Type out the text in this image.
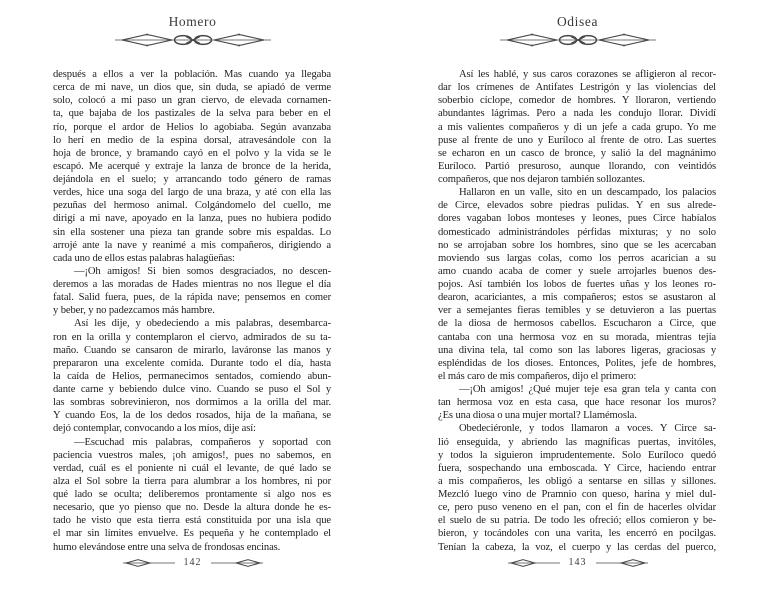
Homero
después a ellos a ver la población. Mas cuando ya llegaba
cerca de mi nave, un dios que, sin duda, se apiadó de verme
solo, colocó a mi paso un gran ciervo, de elevada cornamen-
ta, que bajaba de los pastizales de la selva para beber en el
río, porque el ardor de Helios lo agobiaba. Según avanzaba
lo herí en medio de la espina dorsal, atravesándole con la
hoja de bronce, y bramando cayó en el polvo y la vida se le
escapó. Me acerqué y extraje la lanza de bronce de la herida,
dejándola en el suelo; y arrancando todo género de ramas
verdes, hice una soga del largo de una braza, y até con ella las
pezuñas del hermoso animal. Colgándomelo del cuello, me
dirigí a mi nave, apoyado en la lanza, pues no hubiera podido
sin ella sostener una pieza tan grande sobre mis espaldas. Lo
arrojé ante la nave y reanimé a mis compañeros, dirigiendo a
cada uno de ellos estas palabras halagüeñas:
—¡Oh amigos! Si bien somos desgraciados, no descen-
deremos a las moradas de Hades mientras no nos llegue el día
fatal. Salid fuera, pues, de la rápida nave; pensemos en comer
y beber, y no padezcamos más hambre.
Así les dije, y obedeciendo a mis palabras, desembarca-
ron en la orilla y contemplaron el ciervo, admirados de su ta-
maño. Cuando se cansaron de mirarlo, laváronse las manos y
prepararon una excelente comida. Durante todo el día, hasta
la caída de Helios, permanecimos sentados, comiendo abun-
dante carne y bebiendo dulce vino. Cuando se puso el Sol y
las sombras sobrevinieron, nos dormimos a la orilla del mar.
Y cuando Eos, la de los dedos rosados, hija de la mañana, se
dejó contemplar, convocando a los míos, dije así:
—Escuchad mis palabras, compañeros y soportad con
paciencia vuestros males, ¡oh amigos!, pues no sabemos, en
verdad, cuál es el poniente ni cuál el levante, de qué lado se
alza el Sol sobre la tierra para alumbrar a los hombres, ni por
qué lado se oculta; deliberemos prontamente si algo nos es
necesario, que yo pienso que no. Desde la altura donde he es-
tado he visto que esta tierra está constituida por una isla que
el mar sin límites envuelve. Es pequeña y he contemplado el
humo elevándose entre una selva de frondosas encinas.
142
Odisea
Así les hablé, y sus caros corazones se afligieron al recor-
dar los crímenes de Antifates Lestrigón y las violencias del
soberbio cíclope, comedor de hombres. Y lloraron, vertiendo
abundantes lágrimas. Pero a nada les condujo llorar. Dividí
a mis valientes compañeros y di un jefe a cada grupo. Yo me
puse al frente de uno y Euríloco al frente de otro. Las suertes
se echaron en un casco de bronce, y salió la del magnánimo
Euríloco. Partió presuroso, aunque llorando, con veintidós
compañeros, que nos dejaron también sollozantes.
Hallaron en un valle, sito en un descampado, los palacios
de Circe, elevados sobre piedras pulidas. Y en sus alrede-
dores vagaban lobos monteses y leones, pues Circe habíalos
domesticado administrándoles pérfidas mixturas; y no solo
no se arrojaban sobre los hombres, sino que se les acercaban
moviendo sus largas colas, como los perros acarician a su
amo cuando acaba de comer y suele arrojarles buenos des-
pojos. Así también los lobos de fuertes uñas y los leones ro-
dearon, acariciantes, a mis compañeros; estos se asustaron al
ver a semejantes fieras temibles y se detuvieron a las puertas
de la diosa de hermosos cabellos. Escucharon a Circe, que
cantaba con una hermosa voz en su morada, mientras tejía
una divina tela, tal como son las labores ligeras, graciosas y
espléndidas de los dioses. Entonces, Polites, jefe de hombres,
el más caro de mis compañeros, dijo el primero:
—¡Oh amigos! ¿Qué mujer teje esa gran tela y canta con
tan hermosa voz en esta casa, que hace resonar los muros?
¿Es una diosa o una mujer mortal? Llamémosla.
Obedeciéronle, y todos llamaron a voces. Y Circe sa-
lió enseguida, y abriendo las magníficas puertas, invitóles,
y todos la siguieron imprudentemente. Solo Euríloco quedó
fuera, sospechando una emboscada. Y Circe, haciendo entrar
a mis compañeros, les obligó a sentarse en sillas y sillones.
Mezcló luego vino de Pramnio con queso, harina y miel dul-
ce, pero puso veneno en el pan, con el fin de hacerles olvidar
el suelo de su patria. De todo les ofreció; ellos comieron y be-
bieron, y tocándoles con una varita, les encerró en pocilgas.
Tenían la cabeza, la voz, el cuerpo y las cerdas del puerco,
143
